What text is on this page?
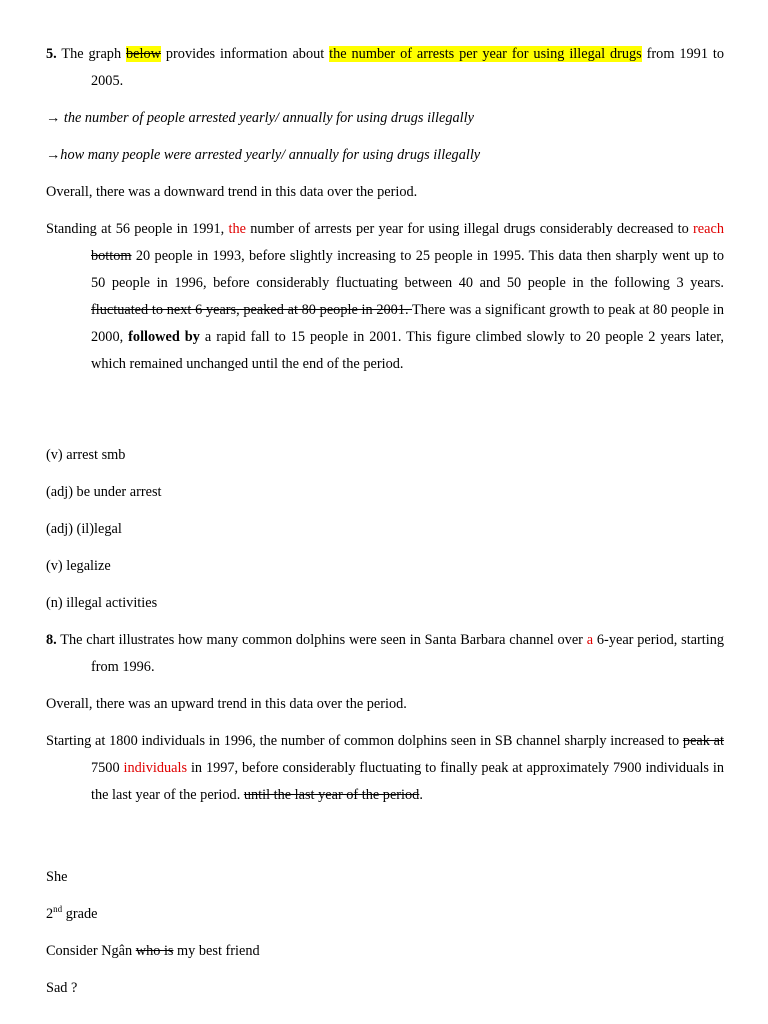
5. The graph below provides information about the number of arrests per year for using illegal drugs from 1991 to 2005.

→ the number of people arrested yearly/ annually for using drugs illegally

→how many people were arrested yearly/ annually for using drugs illegally

Overall, there was a downward trend in this data over the period.

Standing at 56 people in 1991, the number of arrests per year for using illegal drugs considerably decreased to reach bottom 20 people in 1993, before slightly increasing to 25 people in 1995. This data then sharply went up to 50 people in 1996, before considerably fluctuating between 40 and 50 people in the following 3 years. fluctuated to next 6 years, peaked at 80 people in 2001. There was a significant growth to peak at 80 people in 2000, followed by a rapid fall to 15 people in 2001. This figure climbed slowly to 20 people 2 years later, which remained unchanged until the end of the period.

(v) arrest smb

(adj) be under arrest

(adj) (il)legal

(v) legalize

(n) illegal activities

8. The chart illustrates how many common dolphins were seen in Santa Barbara channel over a 6-year period, starting from 1996.

Overall, there was an upward trend in this data over the period.

Starting at 1800 individuals in 1996, the number of common dolphins seen in SB channel sharply increased to peak at 7500 individuals in 1997, before considerably fluctuating to finally peak at approximately 7900 individuals in the last year of the period. until the last year of the period.

She

2nd grade

Consider Ngân who is my best friend

Sad ?
